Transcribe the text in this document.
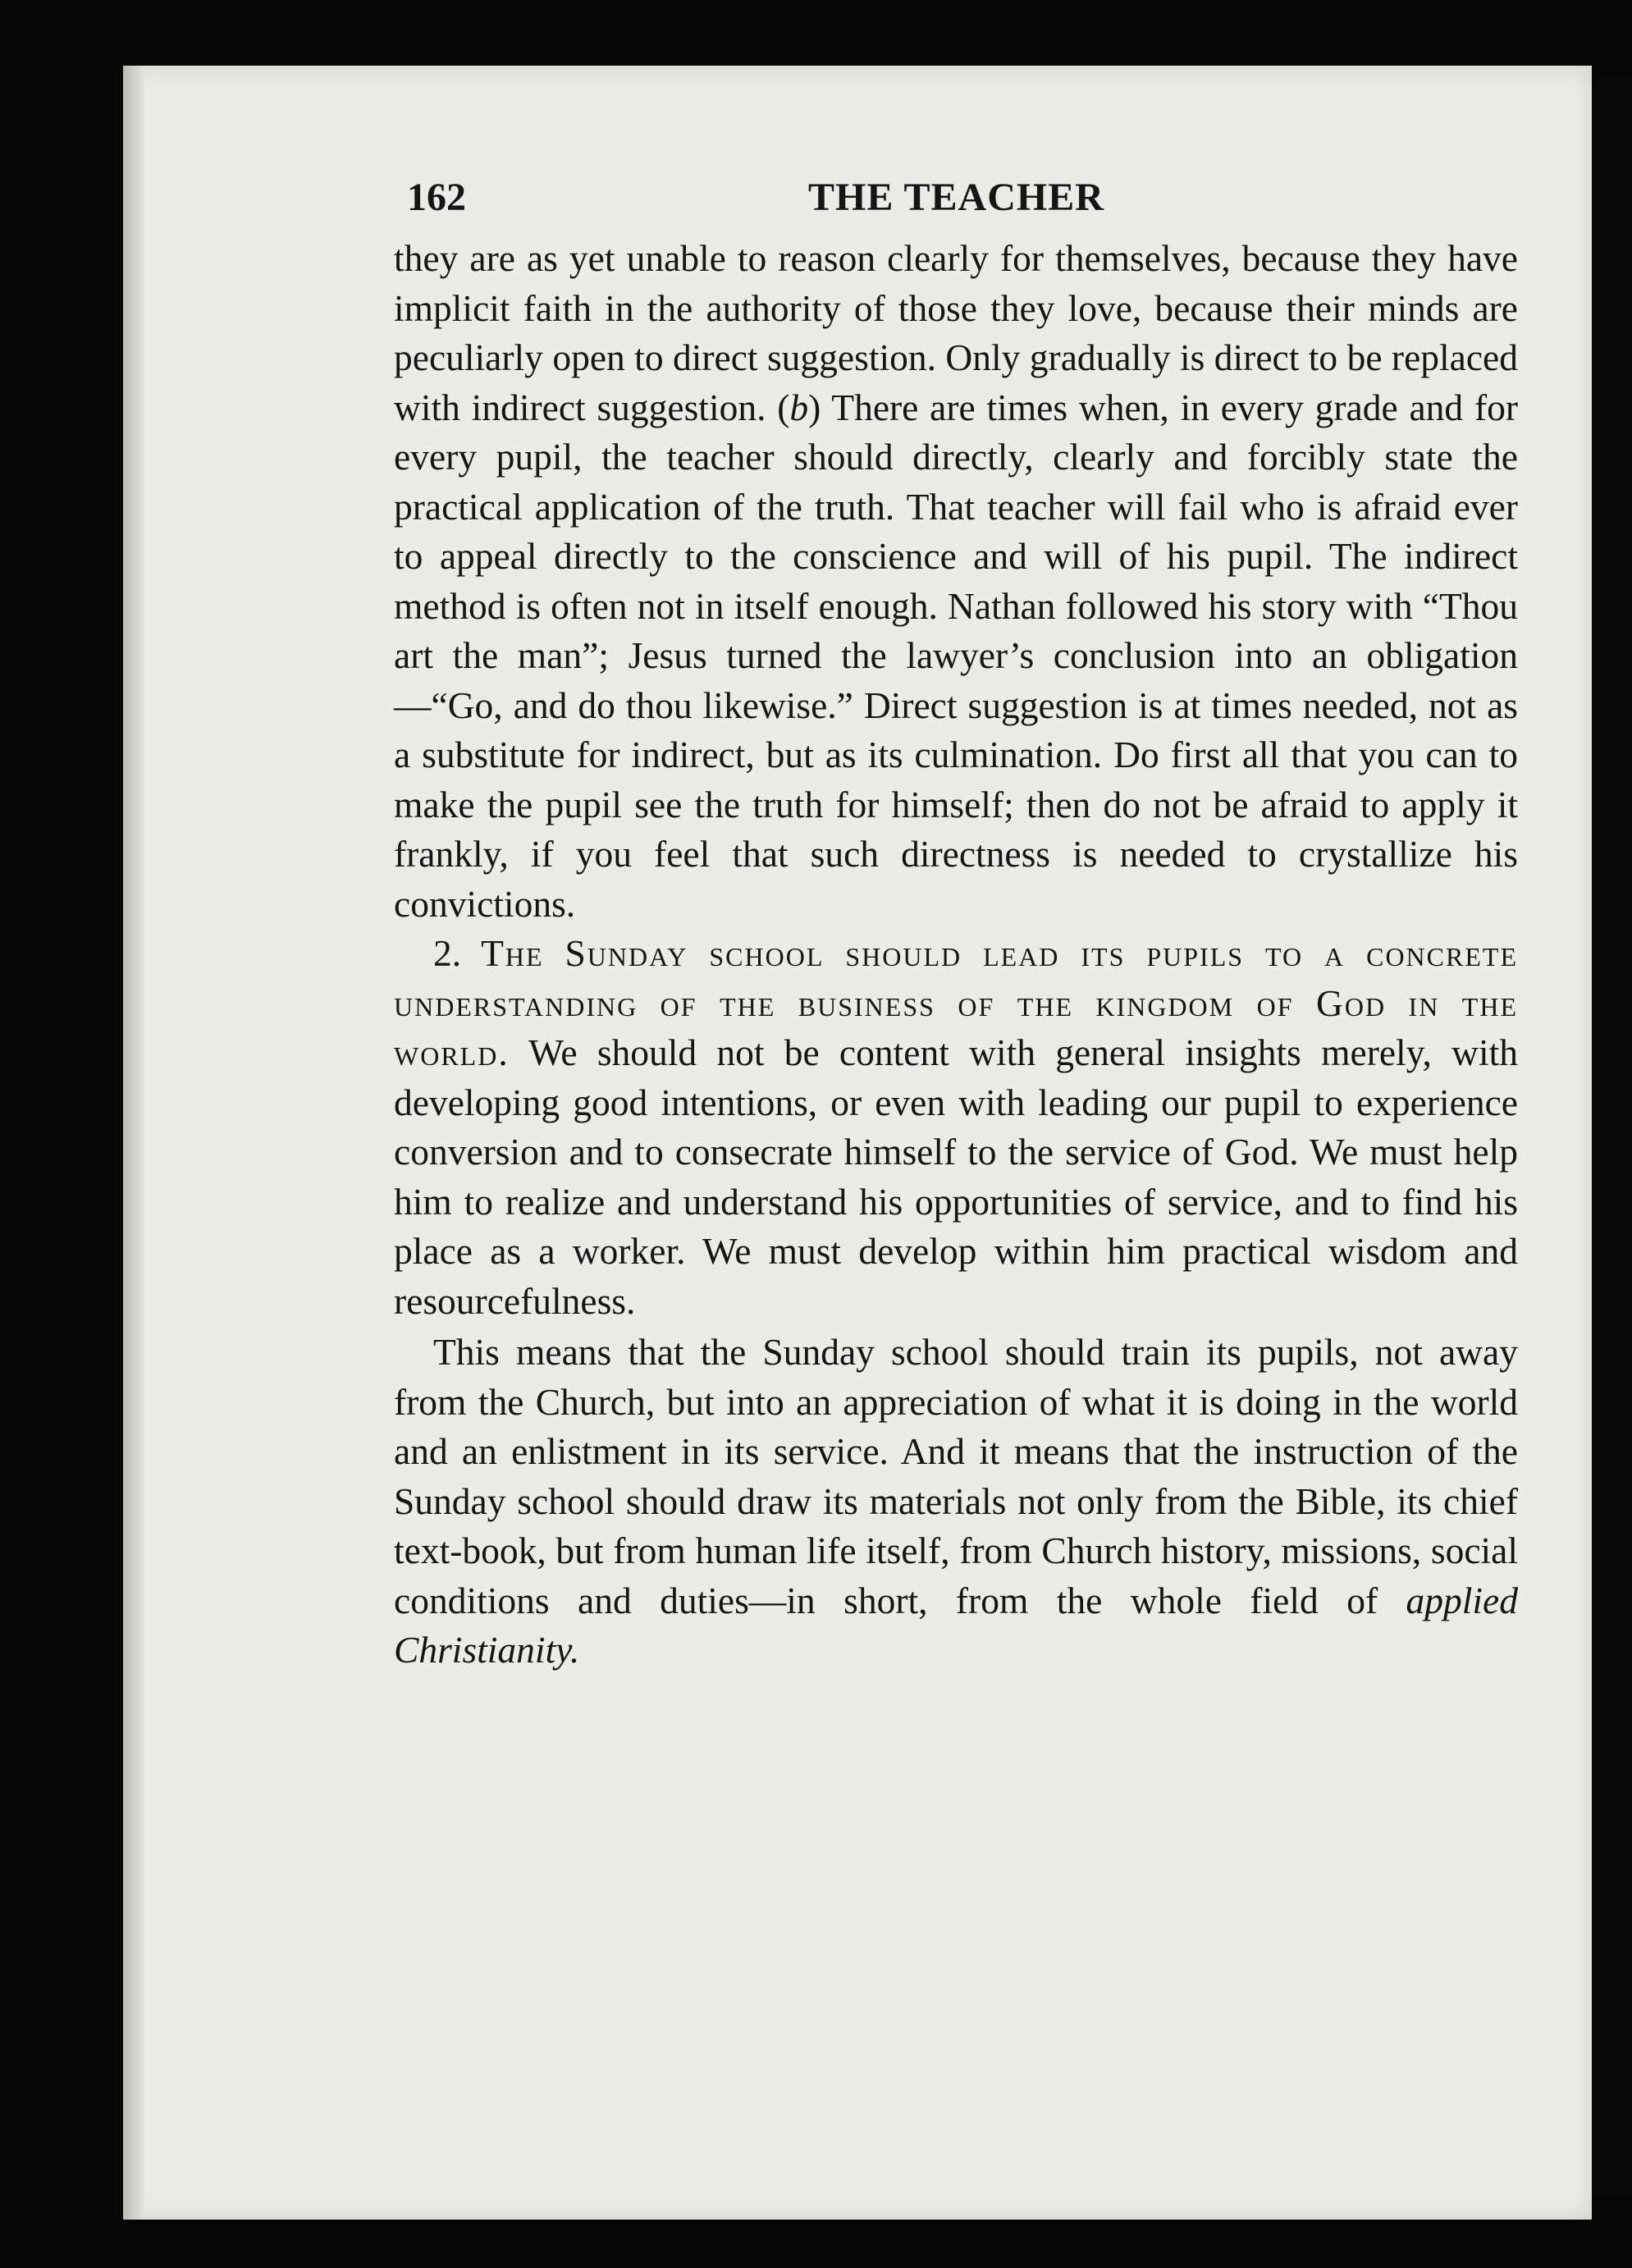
162	THE TEACHER

they are as yet unable to reason clearly for themselves, because they have implicit faith in the authority of those they love, because their minds are peculiarly open to direct suggestion. Only gradually is direct to be replaced with indirect suggestion. (b) There are times when, in every grade and for every pupil, the teacher should directly, clearly and forcibly state the practical application of the truth. That teacher will fail who is afraid ever to appeal directly to the conscience and will of his pupil. The indirect method is often not in itself enough. Nathan followed his story with “Thou art the man”; Jesus turned the lawyer’s conclusion into an obligation—“Go, and do thou likewise.” Direct suggestion is at times needed, not as a substitute for indirect, but as its culmination. Do first all that you can to make the pupil see the truth for himself; then do not be afraid to apply it frankly, if you feel that such directness is needed to crystallize his convictions.

2. The Sunday school should lead its pupils to a concrete understanding of the business of the kingdom of God in the world. We should not be content with general insights merely, with developing good intentions, or even with leading our pupil to experience conversion and to consecrate himself to the service of God. We must help him to realize and understand his opportunities of service, and to find his place as a worker. We must develop within him practical wisdom and resourcefulness.

This means that the Sunday school should train its pupils, not away from the Church, but into an appreciation of what it is doing in the world and an enlistment in its service. And it means that the instruction of the Sunday school should draw its materials not only from the Bible, its chief text-book, but from human life itself, from Church history, missions, social conditions and duties—in short, from the whole field of applied Christianity.
